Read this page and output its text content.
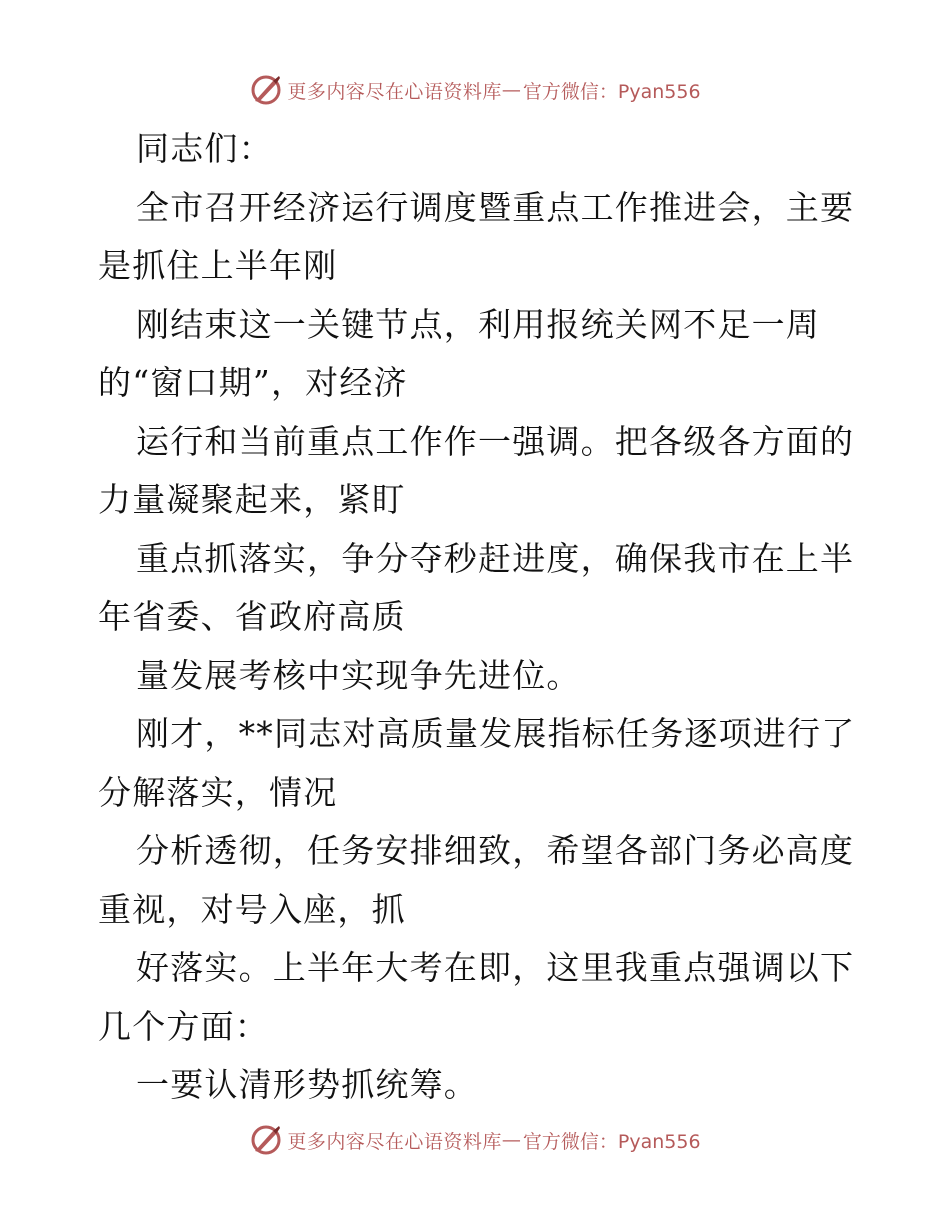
更多内容尽在心语资料库 — 官方微信：Pyan556

同志们：

全市召开经济运行调度暨重点工作推进会，主要
是抓住上半年刚

刚结束这一关键节点，利用报统关网不足一周
的“窗口期”，对经济

运行和当前重点工作作一强调。把各级各方面的
力量凝聚起来，紧盯

重点抓落实，争分夺秒赶进度，确保我市在上半
年省委、省政府高质

量发展考核中实现争先进位。

刚才，**同志对高质量发展指标任务逐项进行了
分解落实，情况

分析透彻，任务安排细致，希望各部门务必高度
重视，对号入座，抓

好落实。上半年大考在即，这里我重点强调以下
几个方面：

一要认清形势抓统筹。

更多内容尽在心语资料库 — 官方微信：Pyan556
